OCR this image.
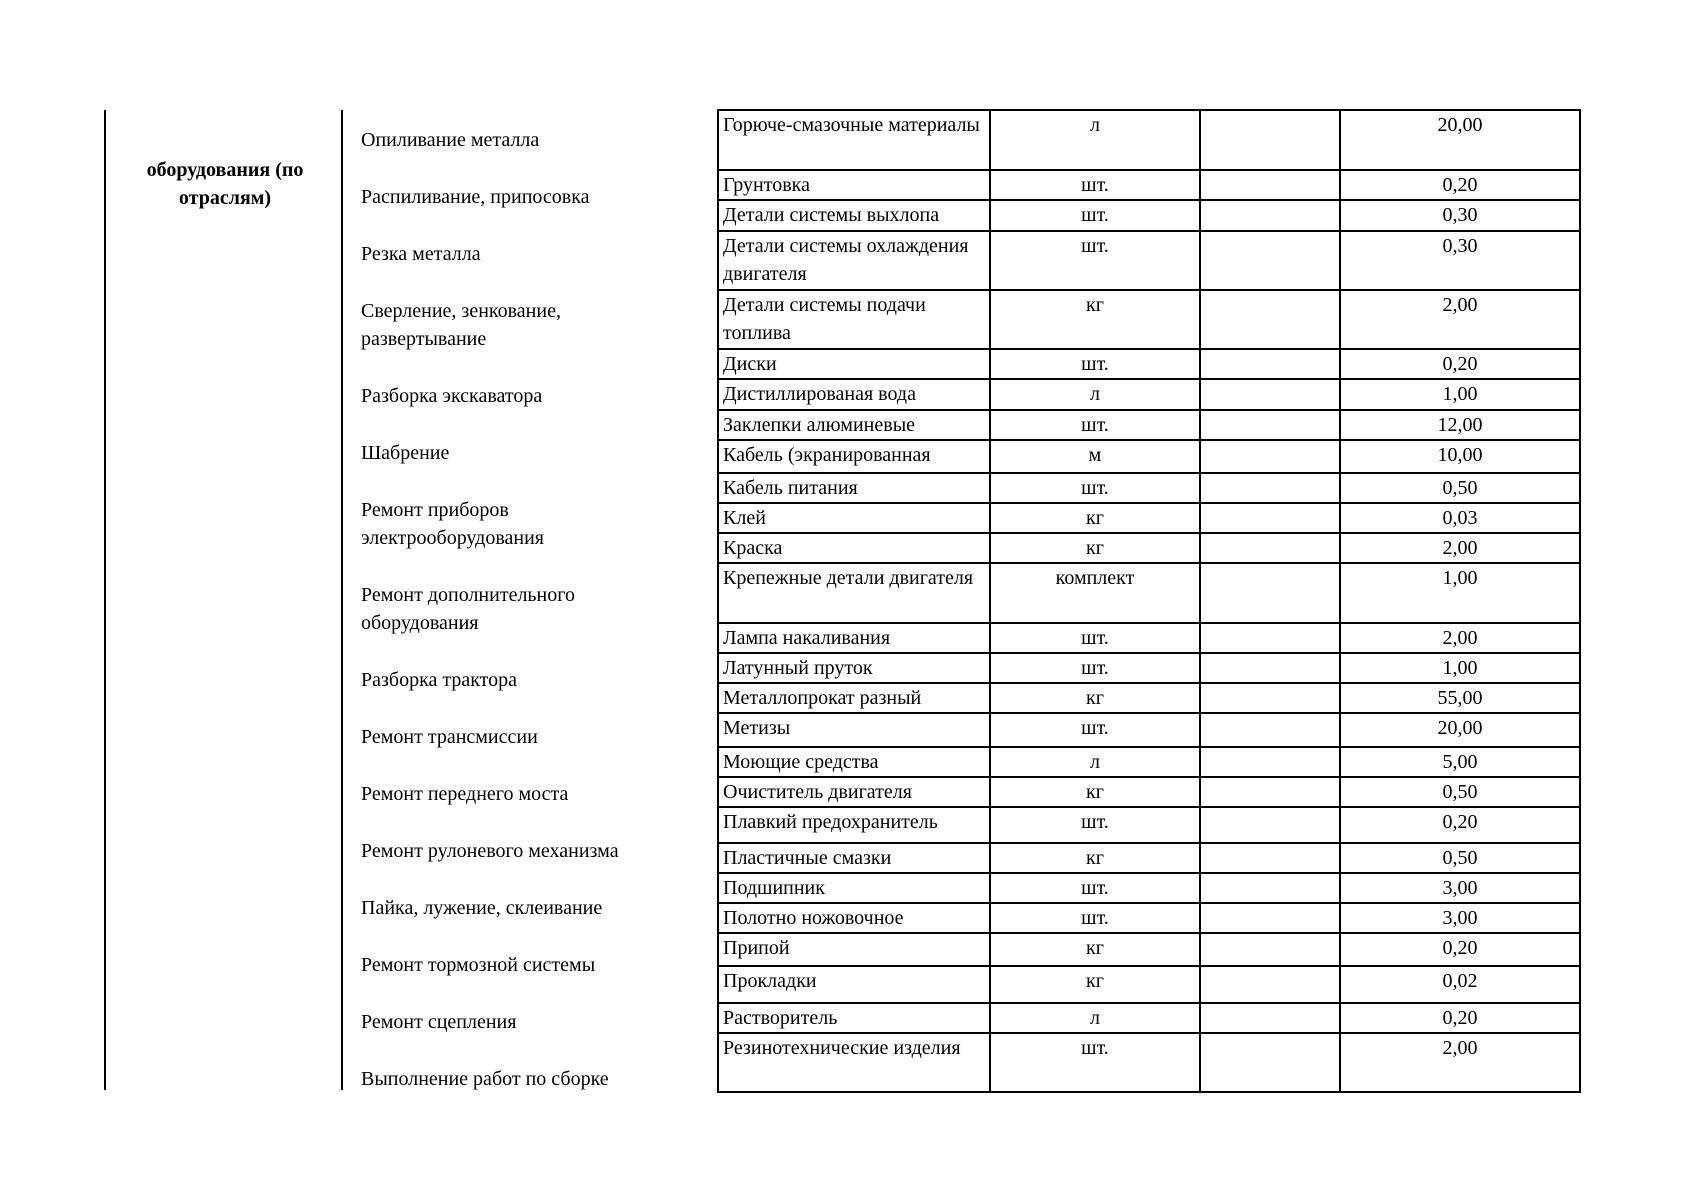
оборудования (по отраслям)
Опиливание металла
Распиливание, припосовка
Резка металла
Сверление, зенкование, развертывание
Разборка экскаватора
Шабрение
Ремонт приборов электрооборудования
Ремонт дополнительного оборудования
Разборка трактора
Ремонт трансмиссии
Ремонт переднего моста
Ремонт рулоневого механизма
Пайка, лужение, склеивание
Ремонт тормозной системы
Ремонт сцепления
Выполнение работ по сборке
Горюче-смазочные материалы	л		20,00
Грунтовка	шт.		0,20
Детали системы выхлопа	шт.		0,30
Детали системы охлаждения двигателя	шт.		0,30
Детали системы подачи топлива	кг		2,00
Диски	шт.		0,20
Дистиллированая вода	л		1,00
Заклепки алюминевые	шт.		12,00
Кабель (экранированная	м		10,00
Кабель питания	шт.		0,50
Клей	кг		0,03
Краска	кг		2,00
Крепежные детали двигателя	комплект		1,00
Лампа накаливания	шт.		2,00
Латунный пруток	шт.		1,00
Металлопрокат разный	кг		55,00
Метизы	шт.		20,00
Моющие средства	л		5,00
Очиститель двигателя	кг		0,50
Плавкий предохранитель	шт.		0,20
Пластичные смазки	кг		0,50
Подшипник	шт.		3,00
Полотно ножовочное	шт.		3,00
Припой	кг		0,20
Прокладки	кг		0,02
Растворитель	л		0,20
Резинотехнические изделия	шт.		2,00
